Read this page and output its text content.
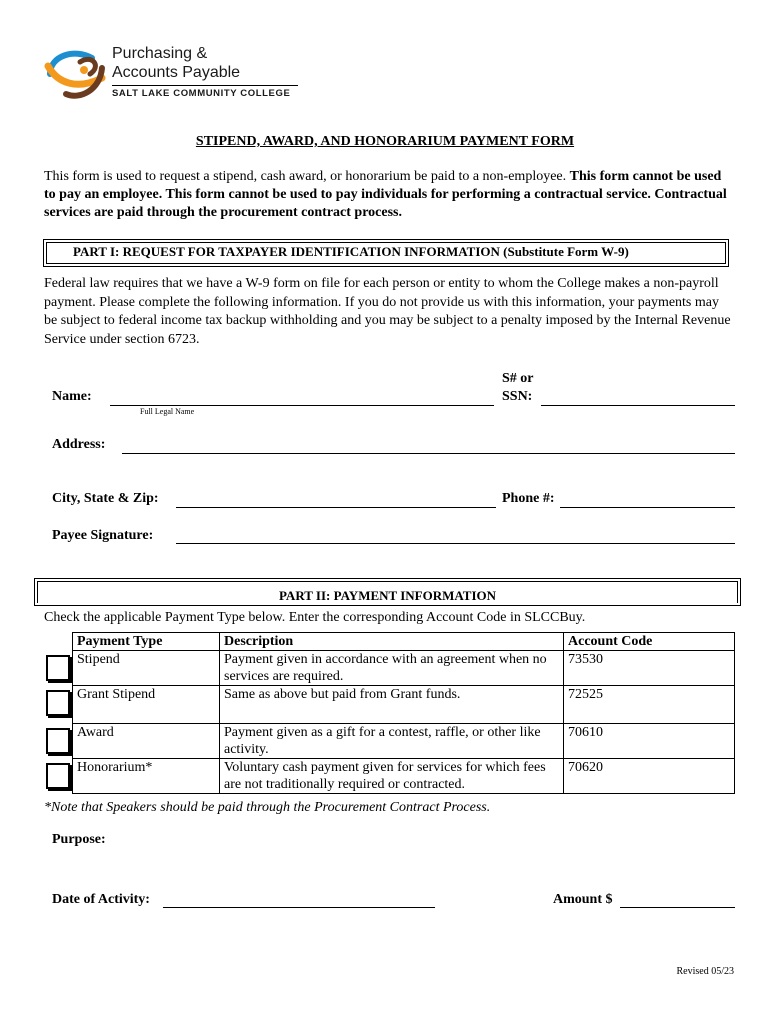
Purchasing &
Accounts Payable
SALT LAKE COMMUNITY COLLEGE
STIPEND, AWARD, AND HONORARIUM PAYMENT FORM
This form is used to request a stipend, cash award, or honorarium be paid to a non-employee. This form cannot be used to pay an employee. This form cannot be used to pay individuals for performing a contractual service. Contractual services are paid through the procurement contract process.
PART I: REQUEST FOR TAXPAYER IDENTIFICATION INFORMATION (Substitute Form W-9)
Federal law requires that we have a W-9 form on file for each person or entity to whom the College makes a non-payroll payment. Please complete the following information. If you do not provide us with this information, your payments may be subject to federal income tax backup withholding and you may be subject to a penalty imposed by the Internal Revenue Service under section 6723.
Name:
Full Legal Name
S# or
SSN:
Address:
City, State & Zip:	Phone #:
Payee Signature:
PART II: PAYMENT INFORMATION
Check the applicable Payment Type below. Enter the corresponding Account Code in SLCCBuy.
	Payment Type	Description	Account Code

	Stipend	Payment given in accordance with an agreement when no services are required.	73530

	Grant Stipend	Same as above but paid from Grant funds.	72525

	Award	Payment given as a gift for a contest, raffle, or other like activity.	70610

	Honorarium*	Voluntary cash payment given for services for which fees are not traditionally required or contracted.	70620
*Note that Speakers should be paid through the Procurement Contract Process.
Purpose:
Date of Activity:	Amount $
Revised 05/23
